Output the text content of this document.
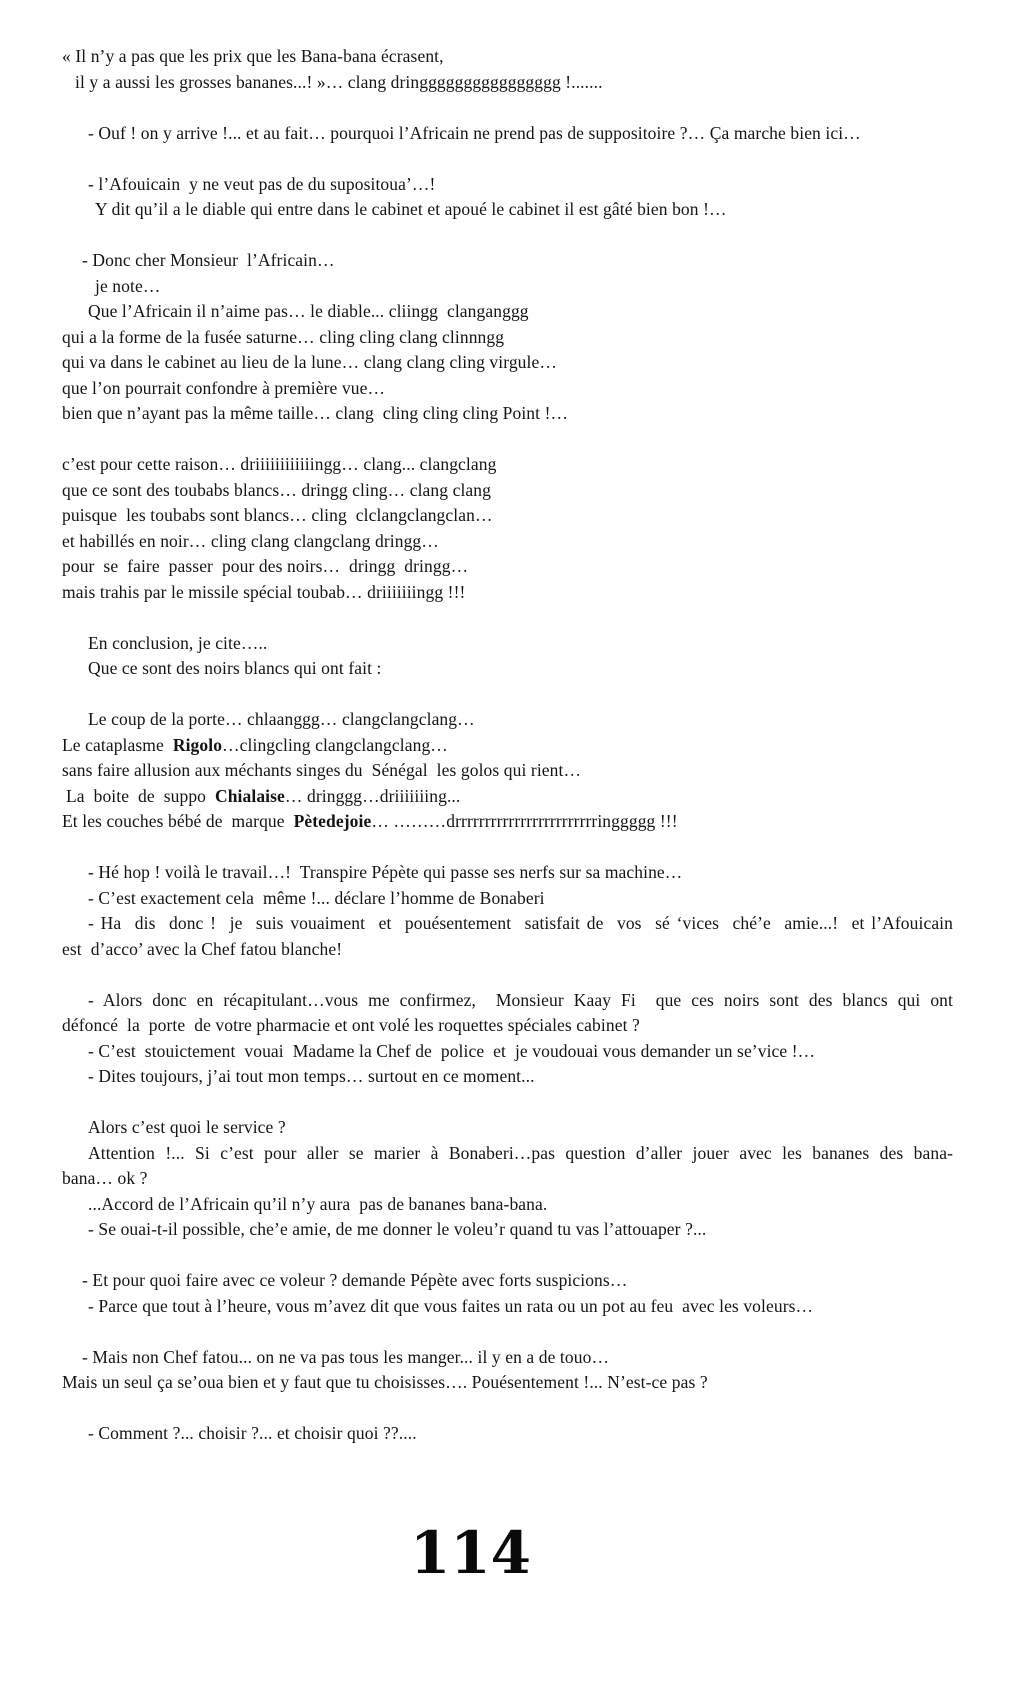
« Il n’y a pas que les prix que les Bana-bana écrasent,
il y a aussi les grosses bananes...! »… clang dringggggggggggggggg !.......
- Ouf ! on y arrive !... et au fait… pourquoi l’Africain ne prend pas de suppositoire ?… Ça marche bien ici…
- l’Afouicain  y ne veut pas de du supositoua’…!
Y dit qu’il a le diable qui entre dans le cabinet et apoué le cabinet il est gâté bien bon !…
- Donc cher Monsieur  l’Africain…
je note…
Que l’Africain il n’aime pas… le diable... cliingg  clanganggg
qui a la forme de la fusée saturne… cling cling clang clinnngg
qui va dans le cabinet au lieu de la lune… clang clang cling virgule…
que l’on pourrait confondre à première vue…
bien que n’ayant pas la même taille… clang  cling cling cling Point !…
c’est pour cette raison… driiiiiiiiiiiingg… clang... clangclang
que ce sont des toubabs blancs… dringg cling… clang clang
puisque  les toubabs sont blancs… cling  clclangclangclan…
et habillés en noir… cling clang clangclang dringg…
pour  se  faire  passer  pour des noirs…  dringg  dringg…
mais trahis par le missile spécial toubab… driiiiiiingg !!!
En conclusion, je cite…..
Que ce sont des noirs blancs qui ont fait :
Le coup de la porte… chlaanggg… clangclangclang…
Le cataplasme  Rigolo…clingcling clangclangclang…
sans faire allusion aux méchants singes du  Sénégal  les golos qui rient…
La  boite  de  suppo  Chialaise… dringgg…driiiiiiing...
Et les couches bébé de  marque  Pètedejoie… ………drrrrrrrrrrrrrrrrrrrrrrrringgggg !!!
- Hé hop ! voilà le travail…!  Transpire Pépète qui passe ses nerfs sur sa machine…
- C’est exactement cela  même !... déclare l’homme de Bonaberi
- Ha  dis  donc !  je  suis vouaiment  et  pouésentement  satisfait de  vos  sé ‘vices  ché’e  amie...!  et l’Afouicain
est  d’acco’ avec la Chef fatou blanche!
- Alors donc en récapitulant…vous me confirmez,  Monsieur Kaay Fi  que ces noirs sont des blancs qui ont
défoncé  la  porte  de votre pharmacie et ont volé les roquettes spéciales cabinet ?
- C’est  stouictement  vouai  Madame la Chef de  police  et  je voudouai vous demander un se’vice !…
- Dites toujours, j’ai tout mon temps… surtout en ce moment...
Alors c’est quoi le service ?
Attention !... Si c’est pour aller se marier à Bonaberi…pas question d’aller jouer avec les bananes des bana-
bana… ok ?
...Accord de l’Africain qu’il n’y aura  pas de bananes bana-bana.
- Se ouai-t-il possible, che’e amie, de me donner le voleu’r quand tu vas l’attouaper ?...
- Et pour quoi faire avec ce voleur ? demande Pépète avec forts suspicions…
- Parce que tout à l’heure, vous m’avez dit que vous faites un rata ou un pot au feu  avec les voleurs…
- Mais non Chef fatou... on ne va pas tous les manger... il y en a de touo…
Mais un seul ça se’oua bien et y faut que tu choisisses…. Pouésentement !... N’est-ce pas ?
- Comment ?... choisir ?... et choisir quoi ??....
114
